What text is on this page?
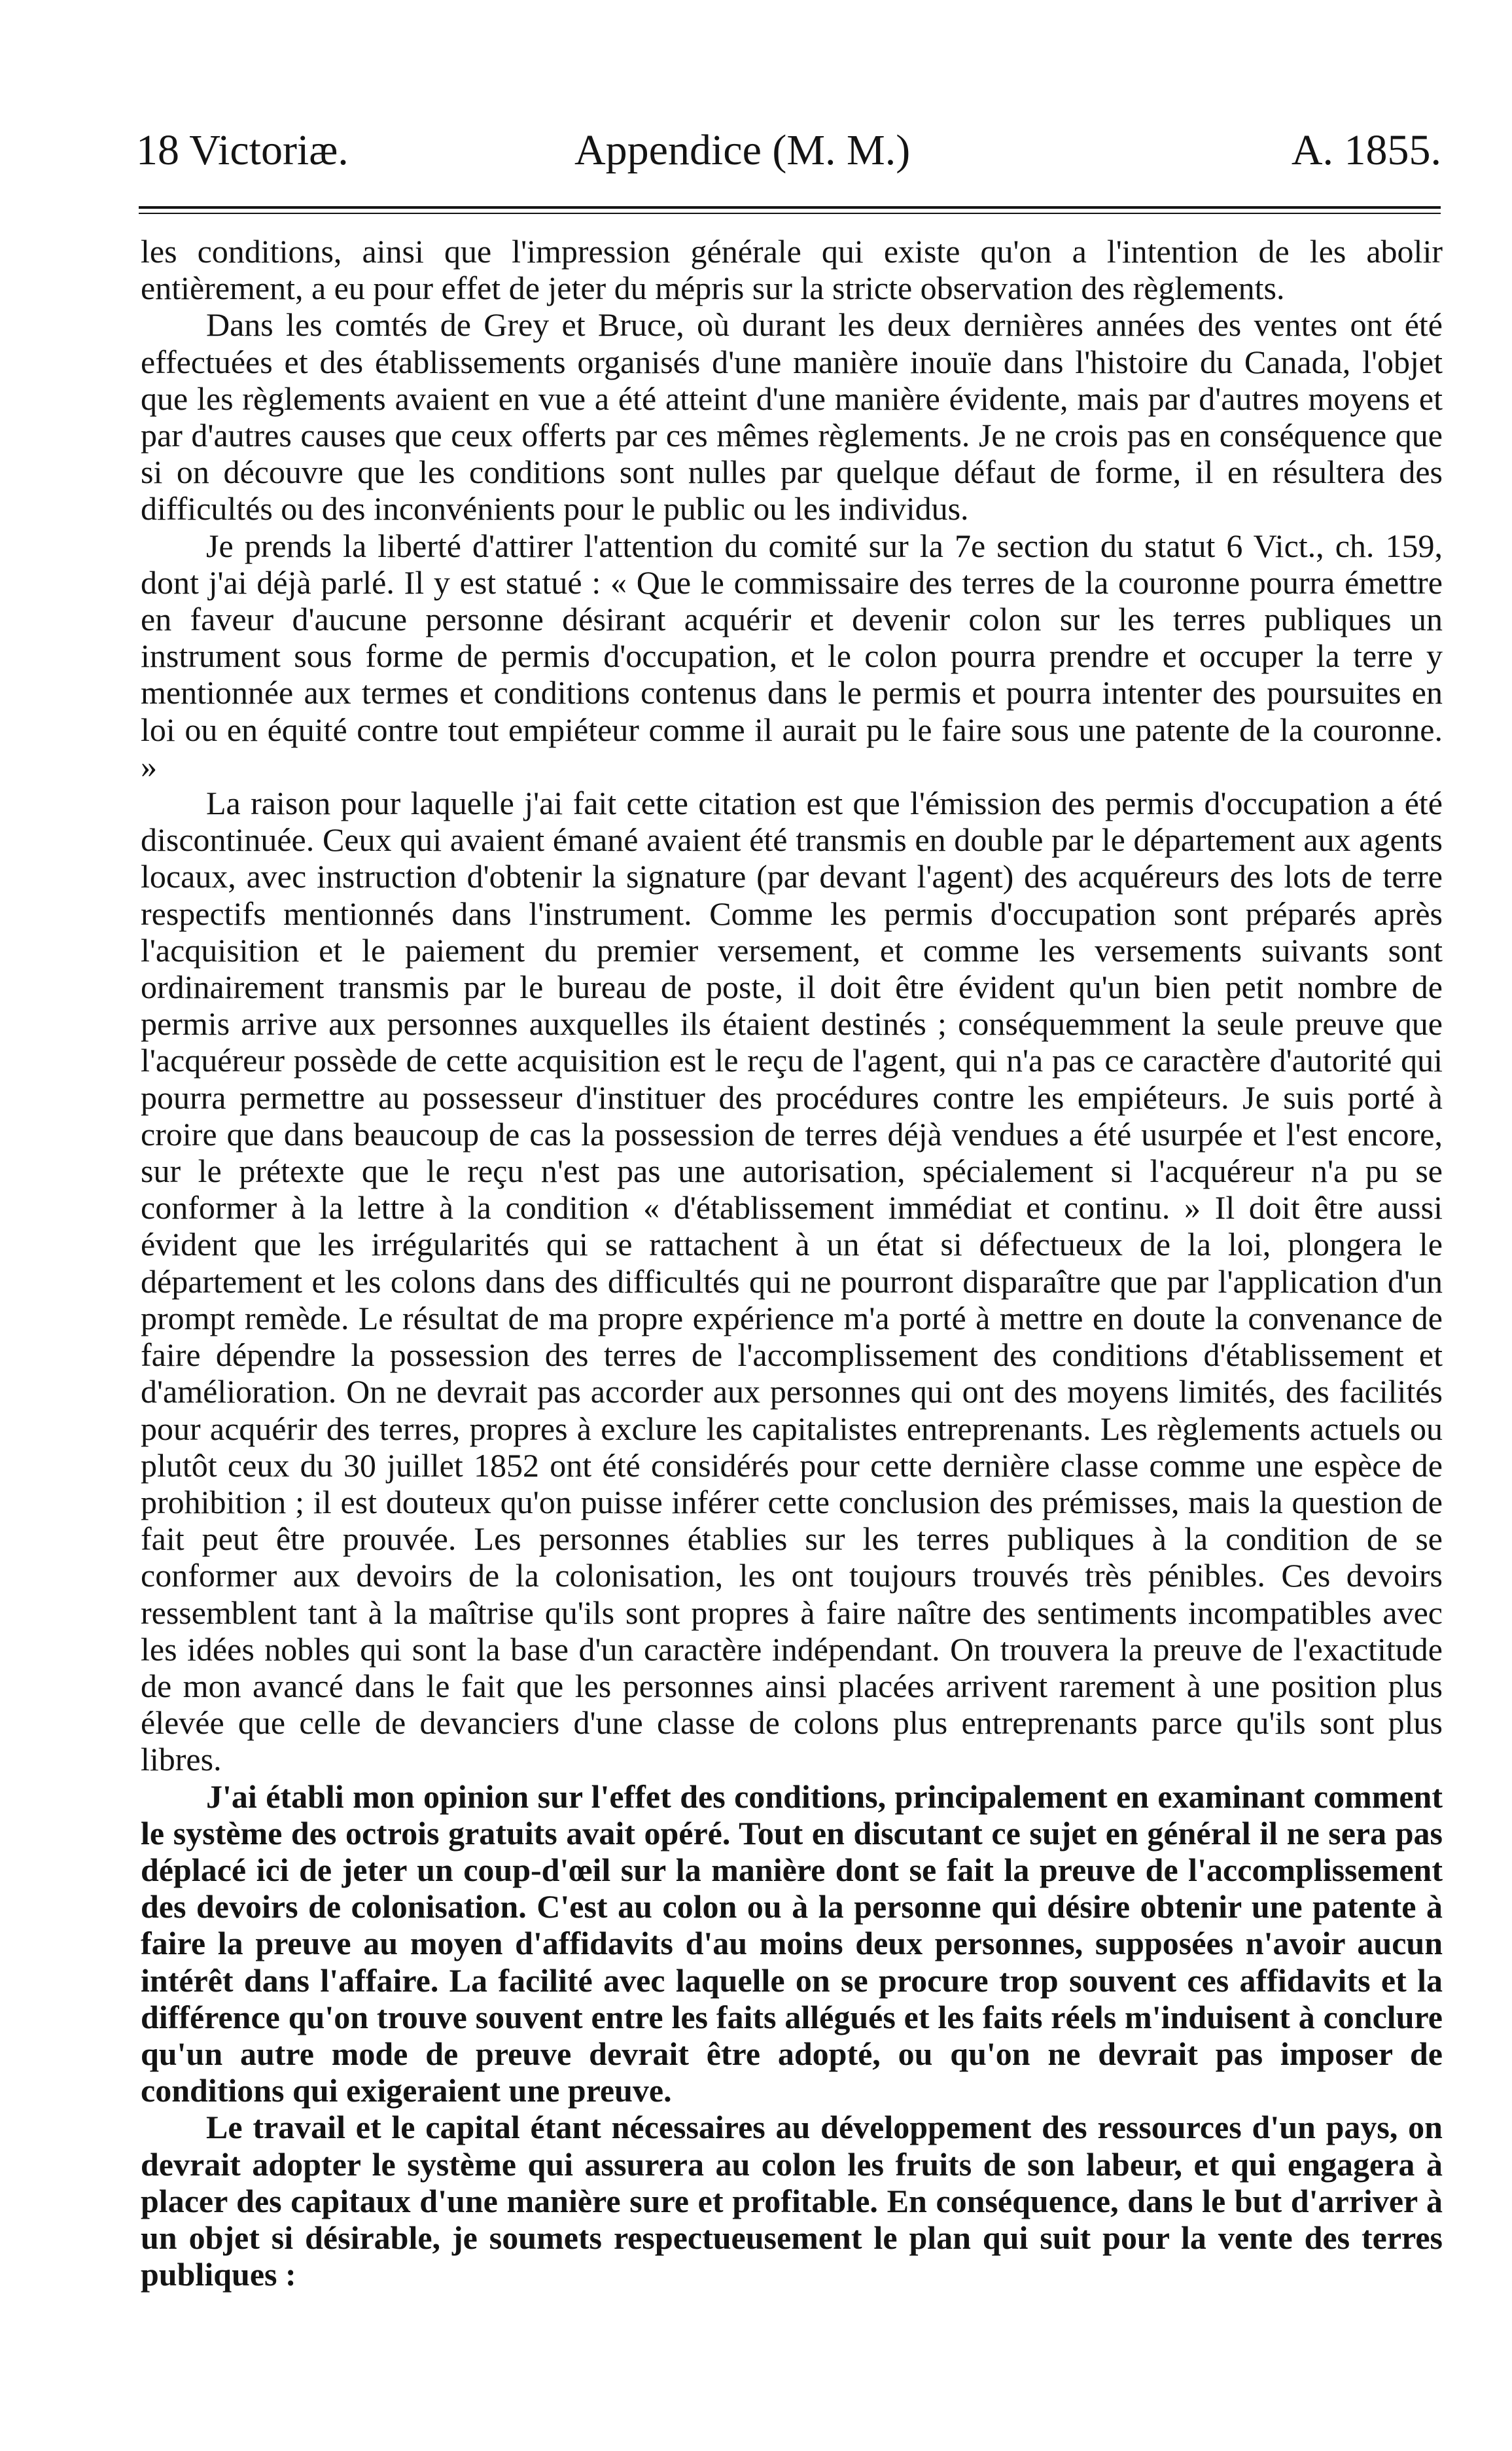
18 Victoriæ.	Appendice (M. M.)	A. 1855.

les conditions, ainsi que l'impression générale qui existe qu'on a l'intention de les abolir entièrement, a eu pour effet de jeter du mépris sur la stricte observation des règlements.

Dans les comtés de Grey et Bruce, où durant les deux dernières années des ventes ont été effectuées et des établissements organisés d'une manière inouïe dans l'histoire du Canada, l'objet que les règlements avaient en vue a été atteint d'une manière évidente, mais par d'autres moyens et par d'autres causes que ceux offerts par ces mêmes règlements. Je ne crois pas en conséquence que si on découvre que les conditions sont nulles par quelque défaut de forme, il en résultera des difficultés ou des inconvénients pour le public ou les individus.

Je prends la liberté d'attirer l'attention du comité sur la 7e section du statut 6 Vict., ch. 159, dont j'ai déjà parlé. Il y est statué : « Que le commissaire des terres de la couronne pourra émettre en faveur d'aucune personne désirant acquérir et devenir colon sur les terres publiques un instrument sous forme de permis d'occupation, et le colon pourra prendre et occuper la terre y mentionnée aux termes et conditions contenus dans le permis et pourra intenter des poursuites en loi ou en équité contre tout empiéteur comme il aurait pu le faire sous une patente de la couronne. »

La raison pour laquelle j'ai fait cette citation est que l'émission des permis d'occupation a été discontinuée. Ceux qui avaient émané avaient été transmis en double par le département aux agents locaux, avec instruction d'obtenir la signature (par devant l'agent) des acquéreurs des lots de terre respectifs mentionnés dans l'instrument. Comme les permis d'occupation sont préparés après l'acquisition et le paiement du premier versement, et comme les versements suivants sont ordinairement transmis par le bureau de poste, il doit être évident qu'un bien petit nombre de permis arrive aux personnes auxquelles ils étaient destinés ; conséquemment la seule preuve que l'acquéreur possède de cette acquisition est le reçu de l'agent, qui n'a pas ce caractère d'autorité qui pourra permettre au possesseur d'instituer des procédures contre les empiéteurs. Je suis porté à croire que dans beaucoup de cas la possession de terres déjà vendues a été usurpée et l'est encore, sur le prétexte que le reçu n'est pas une autorisation, spécialement si l'acquéreur n'a pu se conformer à la lettre à la condition « d'établissement immédiat et continu. » Il doit être aussi évident que les irrégularités qui se rattachent à un état si défectueux de la loi, plongera le département et les colons dans des difficultés qui ne pourront disparaître que par l'application d'un prompt remède. Le résultat de ma propre expérience m'a porté à mettre en doute la convenance de faire dépendre la possession des terres de l'accomplissement des conditions d'établissement et d'amélioration. On ne devrait pas accorder aux personnes qui ont des moyens limités, des facilités pour acquérir des terres, propres à exclure les capitalistes entreprenants. Les règlements actuels ou plutôt ceux du 30 juillet 1852 ont été considérés pour cette dernière classe comme une espèce de prohibition ; il est douteux qu'on puisse inférer cette conclusion des prémisses, mais la question de fait peut être prouvée. Les personnes établies sur les terres publiques à la condition de se conformer aux devoirs de la colonisation, les ont toujours trouvés très pénibles. Ces devoirs ressemblent tant à la maîtrise qu'ils sont propres à faire naître des sentiments incompatibles avec les idées nobles qui sont la base d'un caractère indépendant. On trouvera la preuve de l'exactitude de mon avancé dans le fait que les personnes ainsi placées arrivent rarement à une position plus élevée que celle de devanciers d'une classe de colons plus entreprenants parce qu'ils sont plus libres.

J'ai établi mon opinion sur l'effet des conditions, principalement en examinant comment le système des octrois gratuits avait opéré. Tout en discutant ce sujet en général il ne sera pas déplacé ici de jeter un coup-d'œil sur la manière dont se fait la preuve de l'accomplissement des devoirs de colonisation. C'est au colon ou à la personne qui désire obtenir une patente à faire la preuve au moyen d'affidavits d'au moins deux personnes, supposées n'avoir aucun intérêt dans l'affaire. La facilité avec laquelle on se procure trop souvent ces affidavits et la différence qu'on trouve souvent entre les faits allégués et les faits réels m'induisent à conclure qu'un autre mode de preuve devrait être adopté, ou qu'on ne devrait pas imposer de conditions qui exigeraient une preuve.

Le travail et le capital étant nécessaires au développement des ressources d'un pays, on devrait adopter le système qui assurera au colon les fruits de son labeur, et qui engagera à placer des capitaux d'une manière sure et profitable. En conséquence, dans le but d'arriver à un objet si désirable, je soumets respectueusement le plan qui suit pour la vente des terres publiques :
